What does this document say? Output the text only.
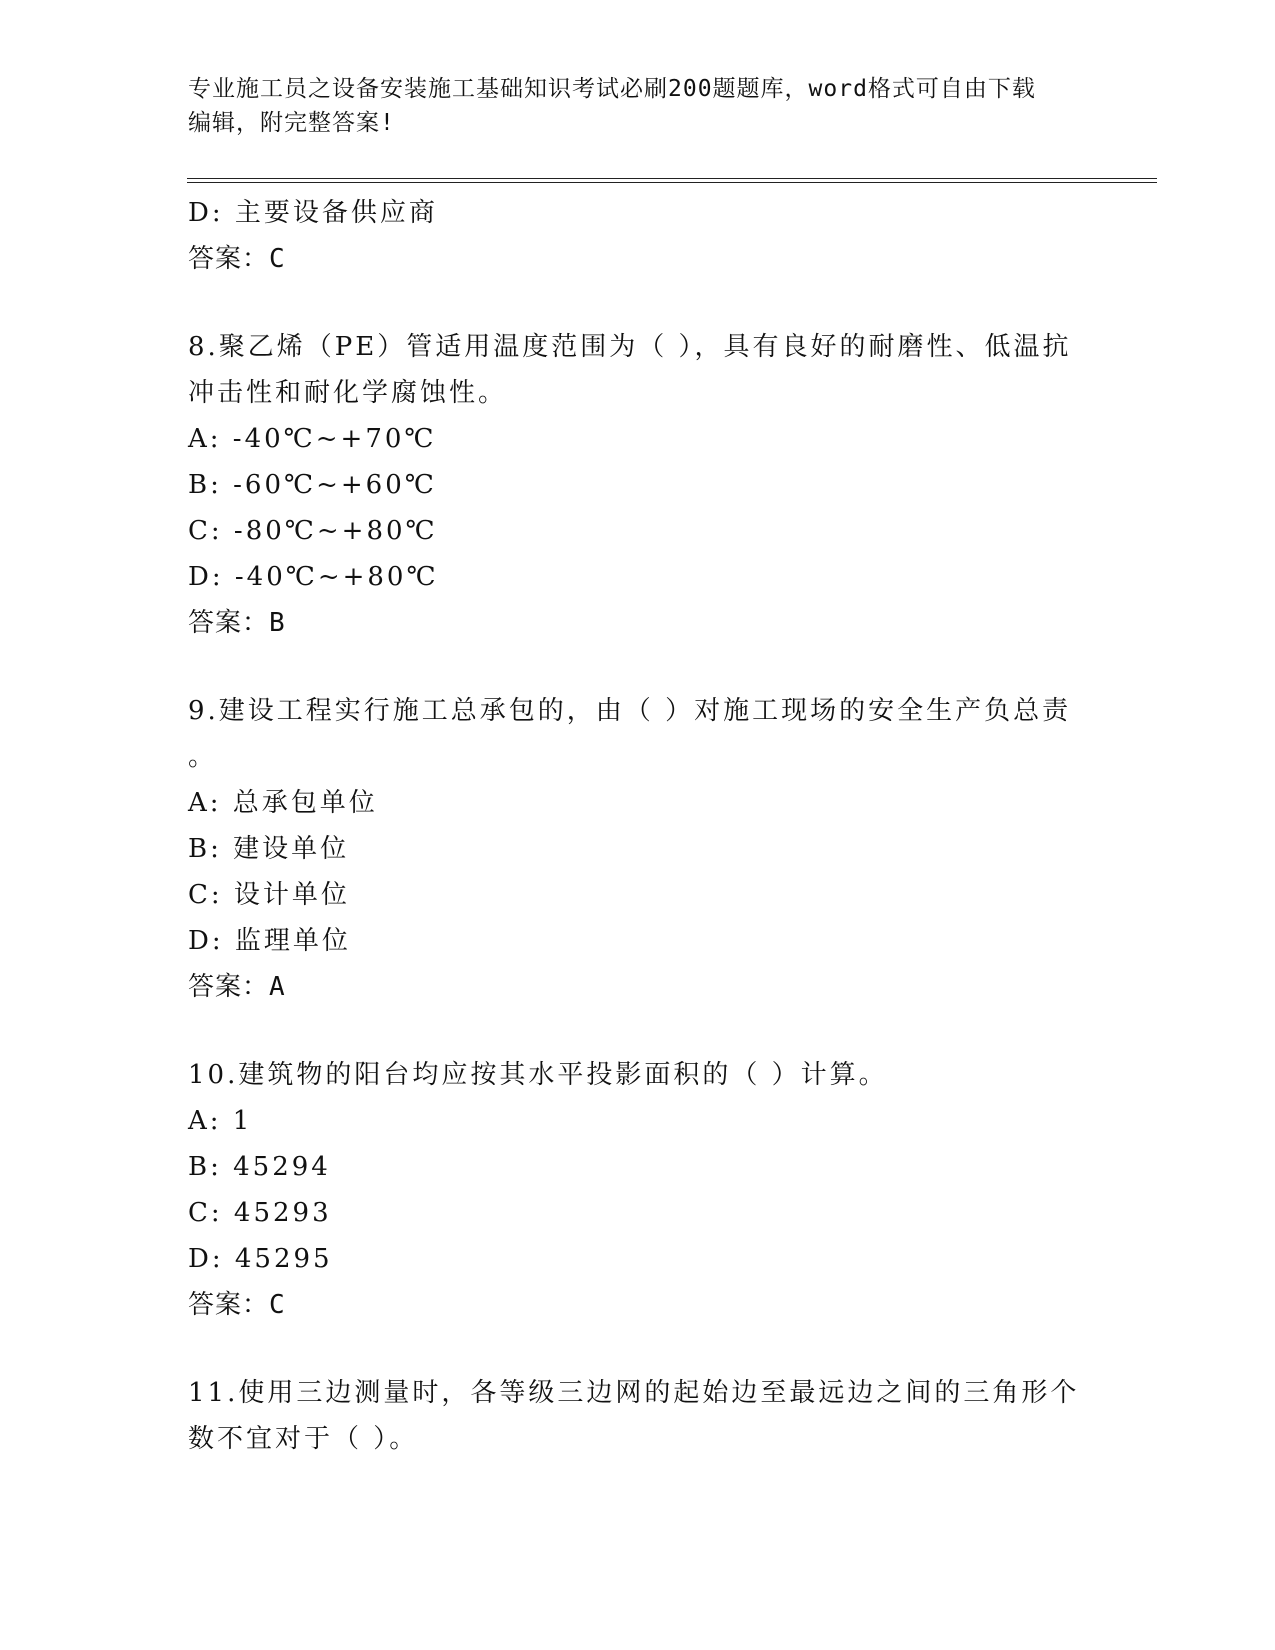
专业施工员之设备安装施工基础知识考试必刷200题题库，word格式可自由下载
编辑，附完整答案!
D: 主要设备供应商
答案：C
8.聚乙烯（PE）管适用温度范围为（ ），具有良好的耐磨性、低温抗
冲击性和耐化学腐蚀性。
A: -40℃~+70℃
B: -60℃~+60℃
C: -80℃~+80℃
D: -40℃~+80℃
答案：B
9.建设工程实行施工总承包的，由（ ）对施工现场的安全生产负总责
。
A: 总承包单位
B: 建设单位
C: 设计单位
D: 监理单位
答案：A
10.建筑物的阳台均应按其水平投影面积的（ ）计算。
A: 1
B: 45294
C: 45293
D: 45295
答案：C
11.使用三边测量时，各等级三边网的起始边至最远边之间的三角形个
数不宜对于（ ）。
